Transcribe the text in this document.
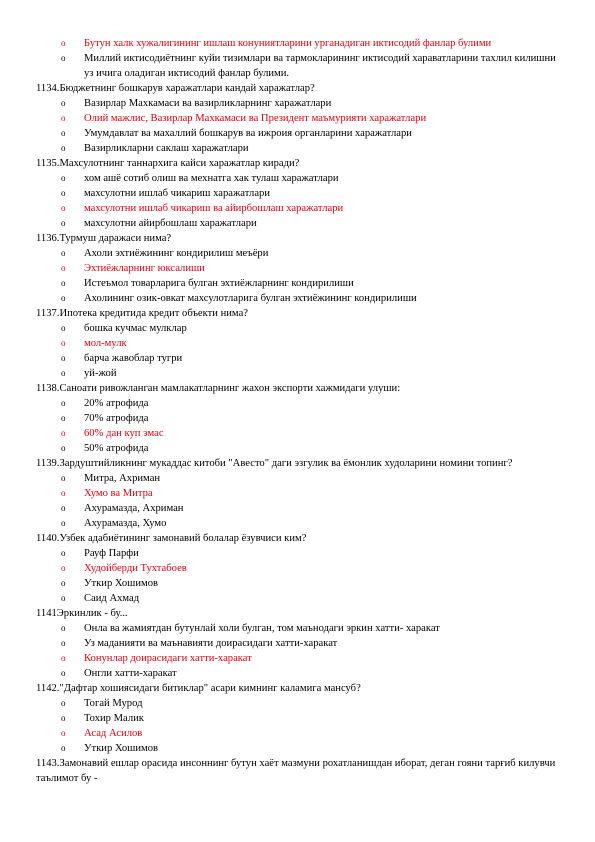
o	Бутун халк хужалигининг ишлаш конуниятларини урганадиган иктисодий фанлар булими
o	Миллий иктисодиётнинг куйи тизимлари ва тармокларининг иктисодий хараватларини тахлил килишни уз ичига оладиган иктисодий фанлар булими.
1134.Бюджетнинг бошкарув харажатлари кандай харажатлар?
o	Вазирлар Махкамаси ва вазирликларнинг харажатлари
o	Олий мажлис, Вазирлар Махкамаси ва Президент маъмурияти харажатлари
o	Умумдавлат ва махаллий бошкарув ва ижроия органларини харажатлари
o	Вазирликларни саклаш харажатлари
1135.Махсулотнинг таннархига кайси харажатлар киради?
o	хом ашё сотиб олиш ва мехнатга хак тулаш харажатлари
o	махсулотни ишлаб чикариш харажатлари
o	махсулотни ишлаб чикариш ва айирбошлаш харажатлари
o	махсулотни айирбошлаш харажатлари
1136.Турмуш даражаси нима?
o	Ахоли эхтиёжининг кондирилиш меъёри
o	Эхтиёжларнинг юксалиши
o	Истеъмол товарларига булган эхтиёжларнинг кондирилиши
o	Ахолининг озик-овкат махсулотларига булган эхтиёжининг кондирилиши
1137.Ипотека кредитида кредит объекти нима?
o	бошка кучмас мулклар
o	мол-мулк
o	барча жавоблар тугри
o	уй-жой
1138.Саноати ривожланган мамлакатларнинг жахон экспорти хажмидаги улуши:
o	20% атрофида
o	70% атрофида
o	60% дан куп эмас
o	50% атрофида
1139.Зардуштийликнинг мукаддас китоби "Авесто" даги эзгулик ва ёмонлик худоларини номини топинг?
o	Митра, Ахриман
o	Хумо ва Митра
o	Ахурамазда, Ахриман
o	Ахурамазда, Хумо
1140.Узбек адабиётининг замонавий болалар ёзувчиси ким?
o	Рауф Парфи
o	Худойберди Тухтабоев
o	Уткир Хошимов
o	Саид Ахмад
1141Эркинлик - бу...
o	Онла ва жамиятдан бутунлай холи булган, том маънодаги эркин хатти- харакат
o	Уз маданияти ва маънавияти доирасидаги хатти-харакат
o	Конунлар доирасидаги хатти-харакат
o	Онгли хатти-харакат
1142."Дафтар хошиясидаги битиклар" асари кимнинг каламига мансуб?
o	Тогай Мурод
o	Тохир Малик
o	Асад Асилов
o	Уткир Хошимов
1143.Замонавий ешлар орасида инсоннинг бутун хаёт мазмуни рохатланишдан иборат, деган гояни тарғиб килувчи таълимот бу -
